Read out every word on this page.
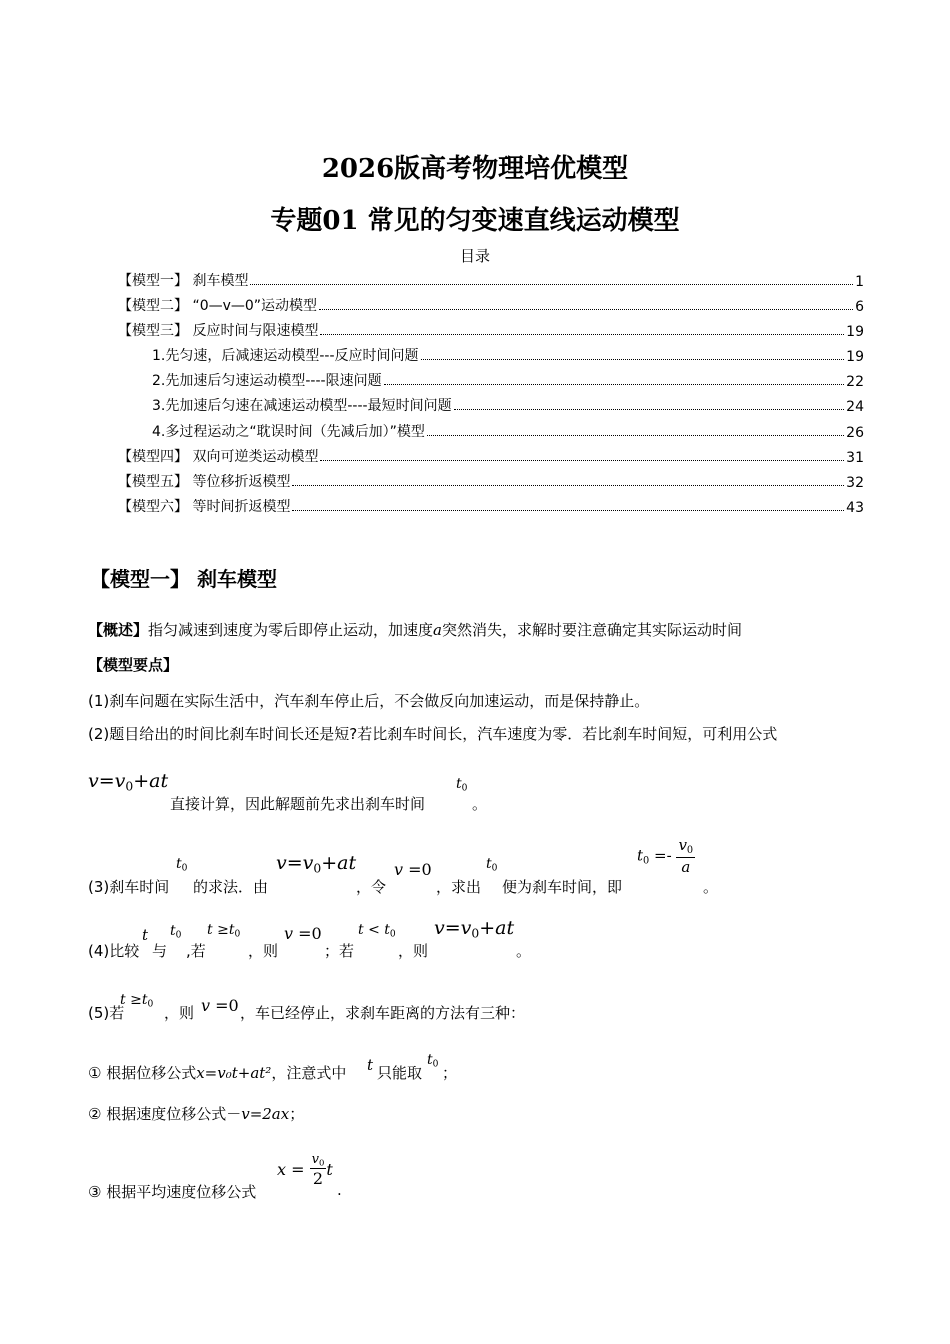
2026版高考物理培优模型
专题01 常见的匀变速直线运动模型
目录
【模型一】 刹车模型	1
【模型二】 “0—v—0”运动模型	6
【模型三】 反应时间与限速模型	19
1.先匀速，后减速运动模型---反应时间问题	19
2.先加速后匀速运动模型----限速问题	22
3.先加速后匀速在减速运动模型----最短时间问题	24
4.多过程运动之“耽误时间（先减后加）”模型	26
【模型四】 双向可逆类运动模型	31
【模型五】 等位移折返模型	32
【模型六】 等时间折返模型	43
【模型一】 刹车模型
【概述】指匀减速到速度为零后即停止运动，加速度a突然消失，求解时要注意确定其实际运动时间
【模型要点】
(1)刹车问题在实际生活中，汽车刹车停止后，不会做反向加速运动，而是保持静止。
(2)题目给出的时间比刹车时间长还是短?若比刹车时间长，汽车速度为零．若比刹车时间短，可利用公式
$v=v_0+at$
直接计算，因此解题前先求出刹车时间
$t_0$
。
(3)刹车时间
$t_0$
的求法．由
$v=v_0+at$
，令
v =0
，求出
$t_0$
便为刹车时间，即
$t_0 =- \frac{v_0}{a}$
。
(4)比较
t
与
$t_0$
,若
$t \ge t_0$
，则
v =0
；若
$t < t_0$
，则
$v=v_0+at$
。
(5)若
$t \ge t_0$ ，则 v =0 ，车已经停止，求刹车距离的方法有三种：
① 根据位移公式x=v₀t+at²，注意式中 t 只能取
$t_0$ ；
② 根据速度位移公式－v=2ax；
③ 根据平均速度位移公式
$x = \frac{v_0}{2}$ t
.
